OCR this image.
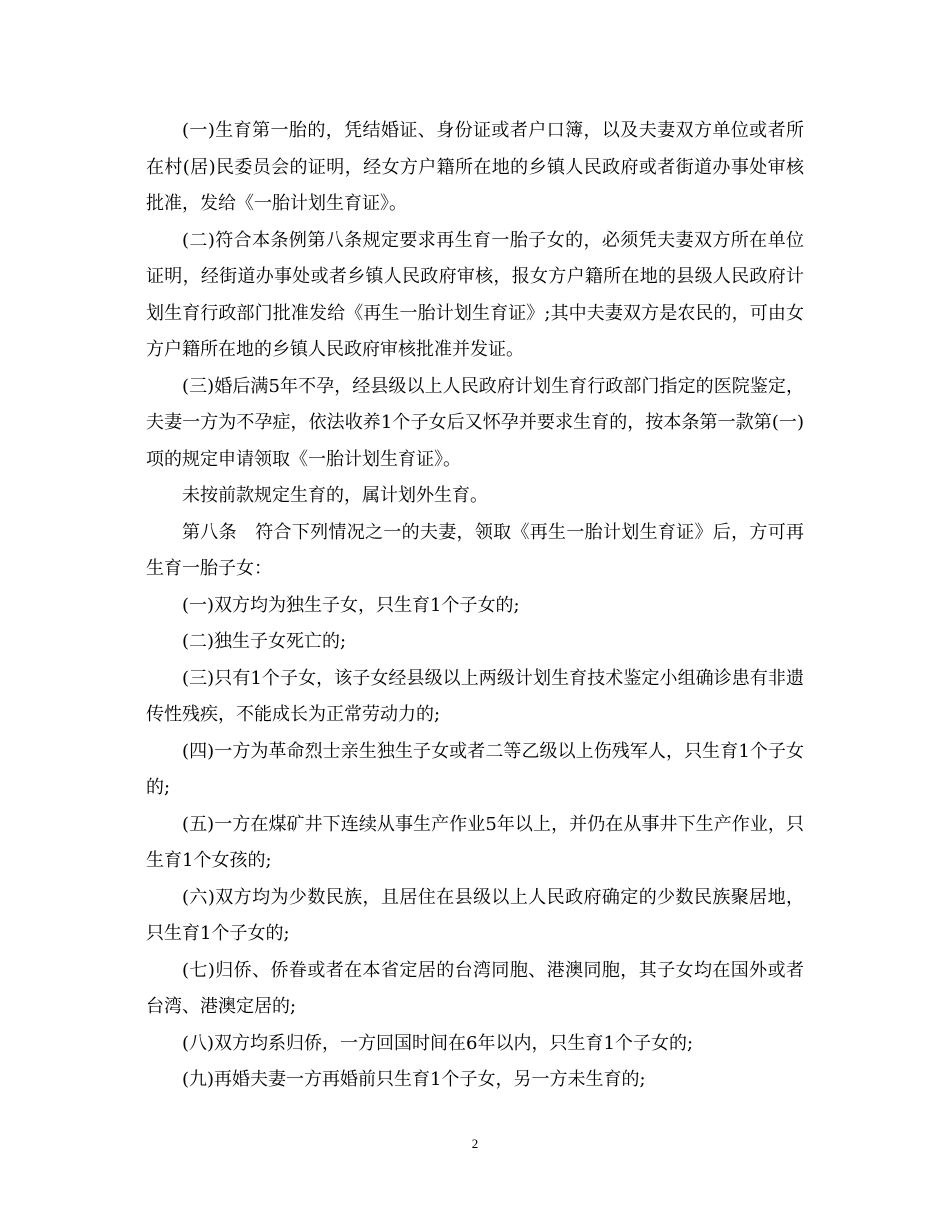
(一)生育第一胎的，凭结婚证、身份证或者户口簿，以及夫妻双方单位或者所在村(居)民委员会的证明，经女方户籍所在地的乡镇人民政府或者街道办事处审核批准，发给《一胎计划生育证》。

(二)符合本条例第八条规定要求再生育一胎子女的，必须凭夫妻双方所在单位证明，经街道办事处或者乡镇人民政府审核，报女方户籍所在地的县级人民政府计划生育行政部门批准发给《再生一胎计划生育证》;其中夫妻双方是农民的，可由女方户籍所在地的乡镇人民政府审核批准并发证。

(三)婚后满5年不孕，经县级以上人民政府计划生育行政部门指定的医院鉴定，夫妻一方为不孕症，依法收养1个子女后又怀孕并要求生育的，按本条第一款第(一)项的规定申请领取《一胎计划生育证》。

未按前款规定生育的，属计划外生育。

第八条　符合下列情况之一的夫妻，领取《再生一胎计划生育证》后，方可再生育一胎子女：

(一)双方均为独生子女，只生育1个子女的;

(二)独生子女死亡的;

(三)只有1个子女，该子女经县级以上两级计划生育技术鉴定小组确诊患有非遗传性残疾，不能成长为正常劳动力的;

(四)一方为革命烈士亲生独生子女或者二等乙级以上伤残军人，只生育1个子女的;

(五)一方在煤矿井下连续从事生产作业5年以上，并仍在从事井下生产作业，只生育1个女孩的;

(六)双方均为少数民族，且居住在县级以上人民政府确定的少数民族聚居地，只生育1个子女的;

(七)归侨、侨眷或者在本省定居的台湾同胞、港澳同胞，其子女均在国外或者台湾、港澳定居的;

(八)双方均系归侨，一方回国时间在6年以内，只生育1个子女的;

(九)再婚夫妻一方再婚前只生育1个子女，另一方未生育的;

2
